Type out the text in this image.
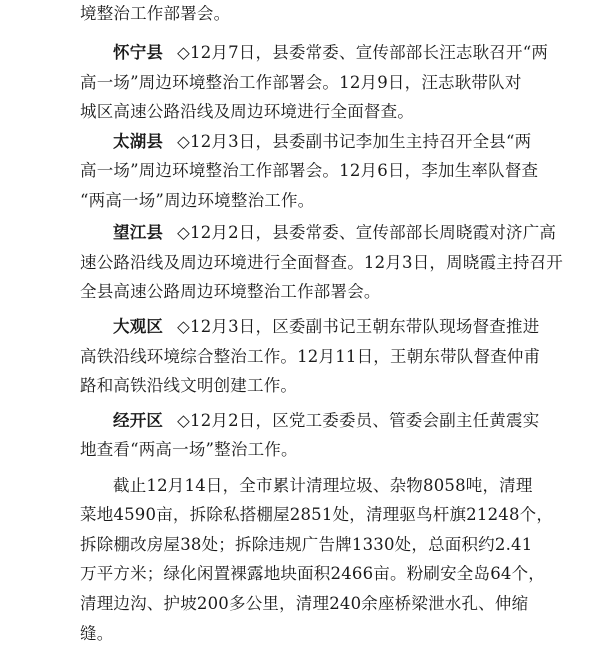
境整治工作部署会。
怀宁县 ◇12月7日，县委常委、宣传部部长汪志耿召开“两
高一场”周边环境整治工作部署会。12月9日，汪志耿带队对
城区高速公路沿线及周边环境进行全面督查。
太湖县 ◇12月3日，县委副书记李加生主持召开全县“两
高一场”周边环境整治工作部署会。12月6日，李加生率队督查
“两高一场”周边环境整治工作。
望江县 ◇12月2日，县委常委、宣传部部长周晓霞对济广高
速公路沿线及周边环境进行全面督查。12月3日，周晓霞主持召开
全县高速公路周边环境整治工作部署会。
大观区 ◇12月3日，区委副书记王朝东带队现场督查推进
高铁沿线环境综合整治工作。12月11日，王朝东带队督查仲甫
路和高铁沿线文明创建工作。
经开区 ◇12月2日，区党工委委员、管委会副主任黄震实
地查看“两高一场”整治工作。
截止12月14日，全市累计清理垃圾、杂物8058吨，清理
菜地4590亩，拆除私搭棚屋2851处，清理驱鸟杆旗21248个，
拆除棚改房屋38处；拆除违规广告牌1330处，总面积约2.41
万平方米；绿化闲置裸露地块面积2466亩。粉刷安全岛64个，
清理边沟、护坡200多公里，清理240余座桥梁泄水孔、伸缩
缝。
